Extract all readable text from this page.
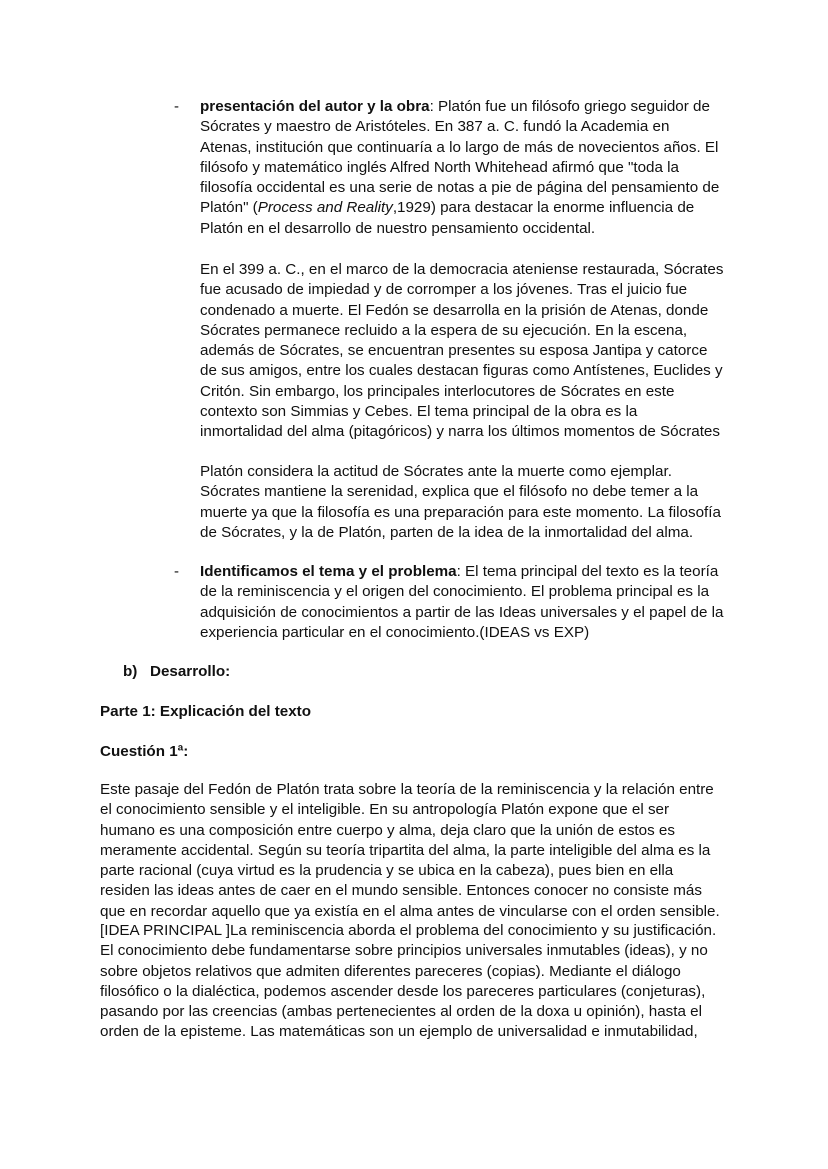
- presentación del autor y la obra: Platón fue un filósofo griego seguidor de
Sócrates y maestro de Aristóteles. En 387 a. C. fundó la Academia en
Atenas, institución que continuaría a lo largo de más de novecientos años. El
filósofo y matemático inglés Alfred North Whitehead afirmó que "toda la
filosofía occidental es una serie de notas a pie de página del pensamiento de
Platón" (Process and Reality,1929) para destacar la enorme influencia de
Platón en el desarrollo de nuestro pensamiento occidental.
En el 399 a. C., en el marco de la democracia ateniense restaurada, Sócrates
fue acusado de impiedad y de corromper a los jóvenes. Tras el juicio fue
condenado a muerte. El Fedón se desarrolla en la prisión de Atenas, donde
Sócrates permanece recluido a la espera de su ejecución. En la escena,
además de Sócrates, se encuentran presentes su esposa Jantipa y catorce
de sus amigos, entre los cuales destacan figuras como Antístenes, Euclides y
Critón. Sin embargo, los principales interlocutores de Sócrates en este
contexto son Simmias y Cebes. El tema principal de la obra es la
inmortalidad del alma (pitagóricos) y narra los últimos momentos de Sócrates
Platón considera la actitud de Sócrates ante la muerte como ejemplar.
Sócrates mantiene la serenidad, explica que el filósofo no debe temer a la
muerte ya que la filosofía es una preparación para este momento. La filosofía
de Sócrates, y la de Platón, parten de la idea de la inmortalidad del alma.
- Identificamos el tema y el problema: El tema principal del texto es la teoría
de la reminiscencia y el origen del conocimiento. El problema principal es la
adquisición de conocimientos a partir de las Ideas universales y el papel de la
experiencia particular en el conocimiento.(IDEAS vs EXP)
b) Desarrollo:
Parte 1: Explicación del texto
Cuestión 1ª:
Este pasaje del Fedón de Platón trata sobre la teoría de la reminiscencia y la relación entre
el conocimiento sensible y el inteligible. En su antropología Platón expone que el ser
humano es una composición entre cuerpo y alma, deja claro que la unión de estos es
meramente accidental. Según su teoría tripartita del alma, la parte inteligible del alma es la
parte racional (cuya virtud es la prudencia y se ubica en la cabeza), pues bien en ella
residen las ideas antes de caer en el mundo sensible. Entonces conocer no consiste más
que en recordar aquello que ya existía en el alma antes de vincularse con el orden sensible.
[IDEA PRINCIPAL ]La reminiscencia aborda el problema del conocimiento y su justificación.
El conocimiento debe fundamentarse sobre principios universales inmutables (ideas), y no
sobre objetos relativos que admiten diferentes pareceres (copias). Mediante el diálogo
filosófico o la dialéctica, podemos ascender desde los pareceres particulares (conjeturas),
pasando por las creencias (ambas pertenecientes al orden de la doxa u opinión), hasta el
orden de la episteme. Las matemáticas son un ejemplo de universalidad e inmutabilidad,
